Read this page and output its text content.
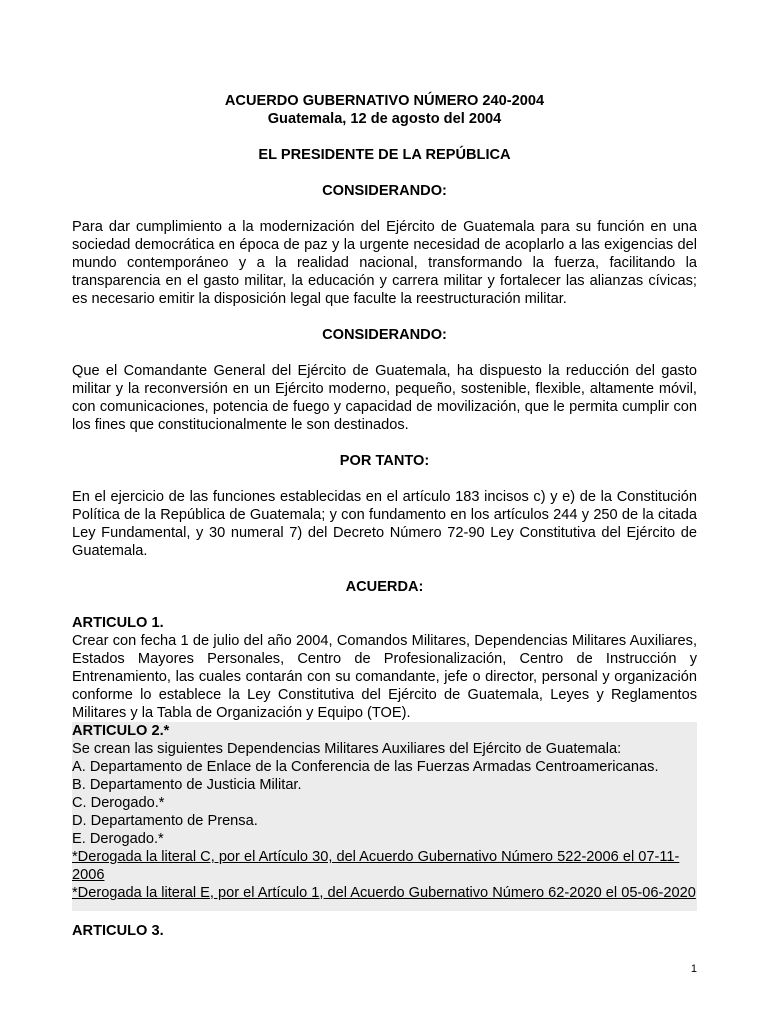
ACUERDO GUBERNATIVO NÚMERO 240-2004

Guatemala, 12 de agosto del 2004

EL PRESIDENTE DE LA REPÚBLICA

CONSIDERANDO:

Para dar cumplimiento a la modernización del Ejército de Guatemala para su función en una sociedad democrática en época de paz y la urgente necesidad de acoplarlo a las exigencias del mundo contemporáneo y a la realidad nacional, transformando la fuerza, facilitando la transparencia en el gasto militar, la educación y carrera militar y fortalecer las alianzas cívicas; es necesario emitir la disposición legal que faculte la reestructuración militar.

CONSIDERANDO:

Que el Comandante General del Ejército de Guatemala, ha dispuesto la reducción del gasto militar y la reconversión en un Ejército moderno, pequeño, sostenible, flexible, altamente móvil, con comunicaciones, potencia de fuego y capacidad de movilización, que le permita cumplir con los fines que constitucionalmente le son destinados.

POR TANTO:

En el ejercicio de las funciones establecidas en el artículo 183 incisos c) y e) de la Constitución Política de la República de Guatemala; y con fundamento en los artículos 244 y 250 de la citada Ley Fundamental, y 30 numeral 7) del Decreto Número 72-90 Ley Constitutiva del Ejército de Guatemala.

ACUERDA:

ARTICULO 1.

Crear con fecha 1 de julio del año 2004, Comandos Militares, Dependencias Militares Auxiliares, Estados Mayores Personales, Centro de Profesionalización, Centro de Instrucción y Entrenamiento, las cuales contarán con su comandante, jefe o director, personal y organización conforme lo establece la Ley Constitutiva del Ejército de Guatemala, Leyes y Reglamentos Militares y la Tabla de Organización y Equipo (TOE).

ARTICULO 2.*

Se crean las siguientes Dependencias Militares Auxiliares del Ejército de Guatemala:

A. Departamento de Enlace de la Conferencia de las Fuerzas Armadas Centroamericanas.

B. Departamento de Justicia Militar.

C. Derogado.*

D. Departamento de Prensa.

E. Derogado.*

*Derogada la literal C, por el Artículo 30, del Acuerdo Gubernativo Número 522-2006 el 07-11-2006

*Derogada la literal E, por el Artículo 1, del Acuerdo Gubernativo Número 62-2020 el 05-06-2020

ARTICULO 3.

1
